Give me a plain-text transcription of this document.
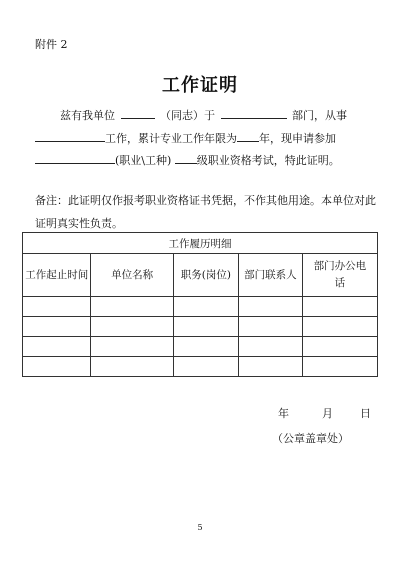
附件 2
工作证明
兹有我单位	（同志）于	部门，从事
工作，累计专业工作年限为 年，现申请参加
(职业\工种) 级职业资格考试，特此证明。
备注：此证明仅作报考职业资格证书凭据，不作其他用途。本单位对此证明真实性负责。
工作履历明细				
工作起止时间	单位名称	职务(岗位)	部门联系人	部门办公电话

年	月 日
（公章盖章处）
5
